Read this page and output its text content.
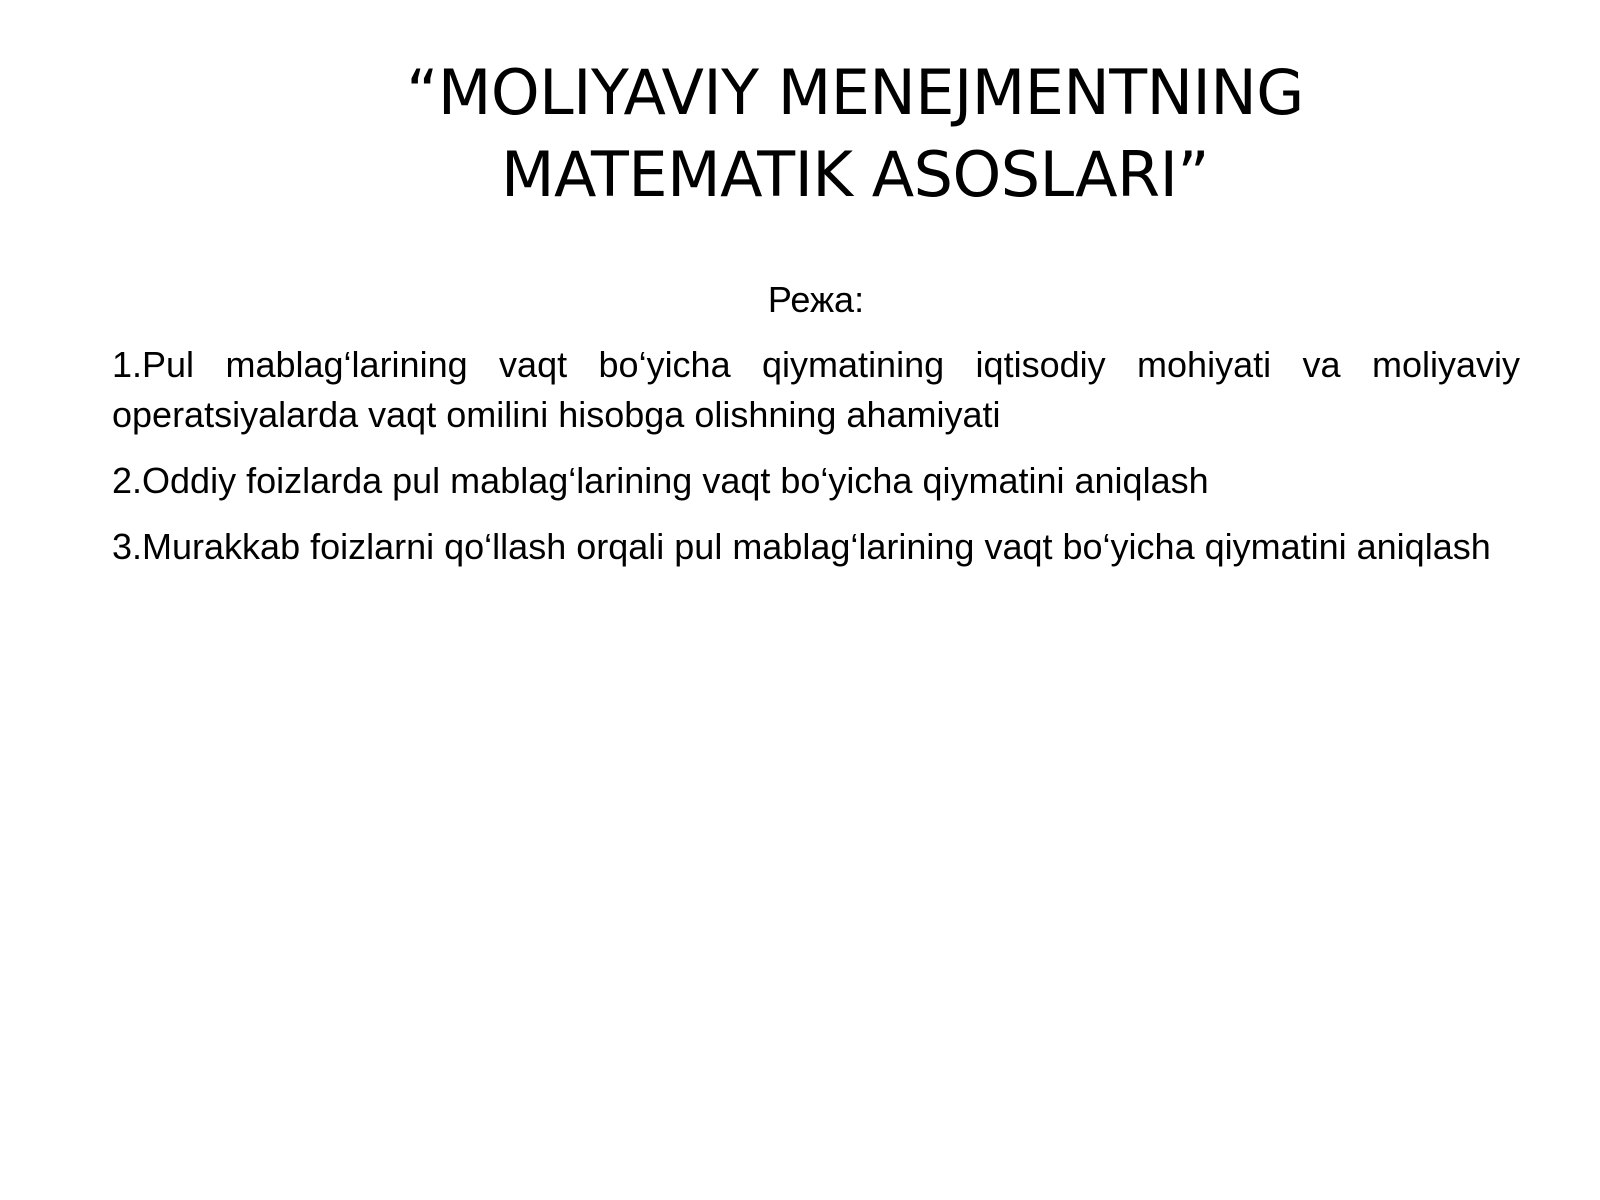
“MOLIYAVIY MENEJMENTNING
MATEMATIK ASOSLARI”
Режа:
1.Pul mablag‘larining vaqt bo‘yicha qiymatining iqtisodiy mohiyati va moliyaviy operatsiyalarda vaqt omilini hisobga olishning ahamiyati
2.Oddiy foizlarda pul mablag‘larining vaqt bo‘yicha qiymatini aniqlash
3.Murakkab foizlarni qo‘llash orqali pul mablag‘larining vaqt bo‘yicha qiymatini aniqlash
